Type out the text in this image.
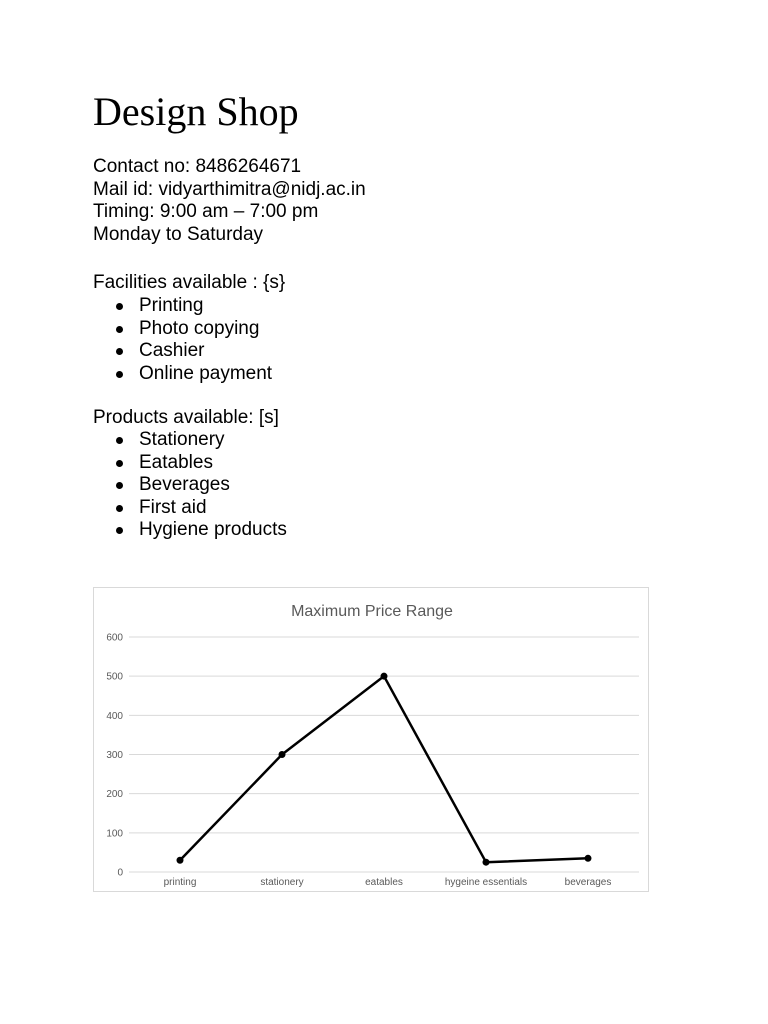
Design Shop
Contact no: 8486264671
Mail id: vidyarthimitra@nidj.ac.in
Timing: 9:00 am – 7:00 pm
Monday to Saturday
Facilities available : {s}
Printing
Photo copying
Cashier
Online payment
Products available: [s]
Stationery
Eatables
Beverages
First aid
Hygiene products
Maximum Price Range
0
100
200
300
400
500
600
printing	stationery	eatables	hygeine essentials	beverages
